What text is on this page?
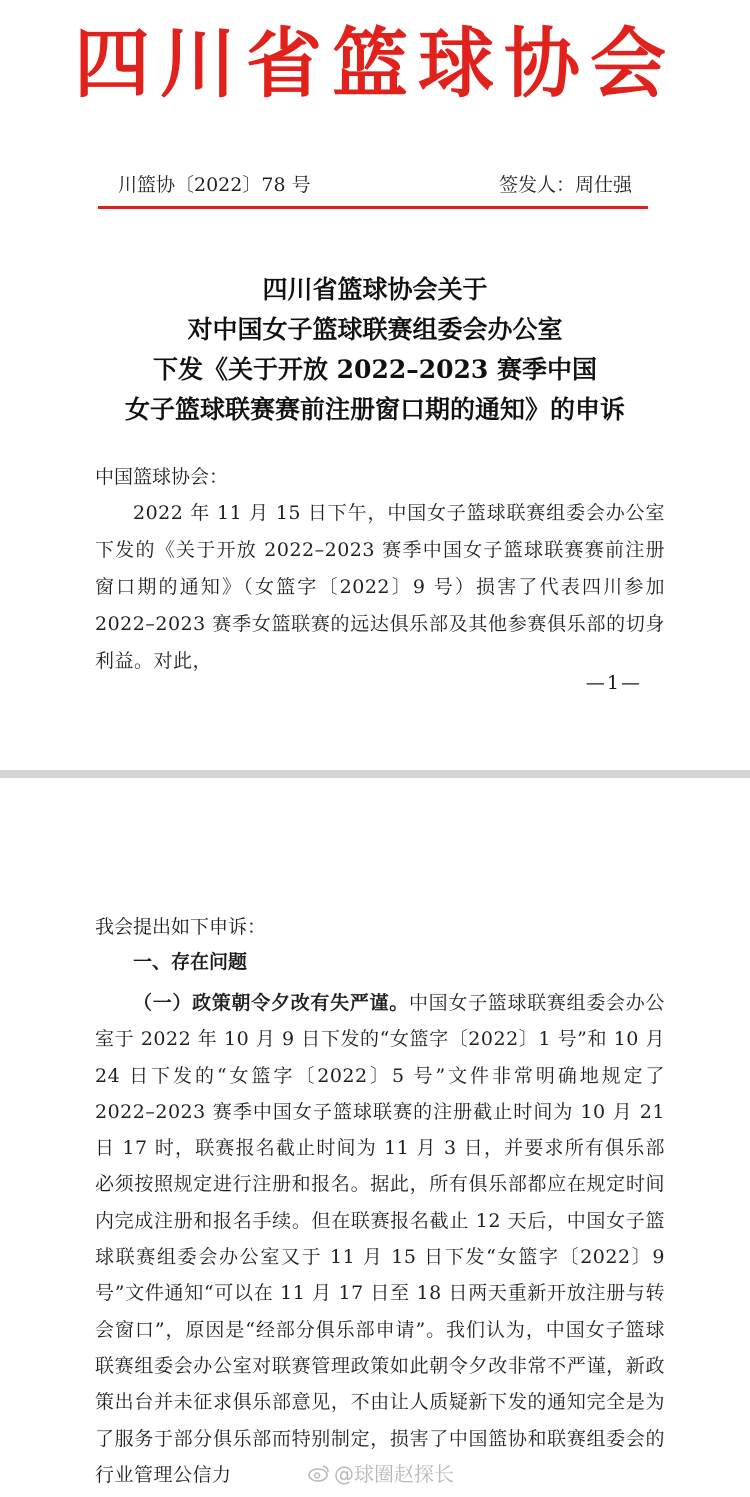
四川省篮球协会
川篮协〔2022〕78 号	签发人：周仕强
四川省篮球协会关于
对中国女子篮球联赛组委会办公室
下发《关于开放 2022–2023 赛季中国
女子篮球联赛赛前注册窗口期的通知》的申诉
中国篮球协会：
2022 年 11 月 15 日下午，中国女子篮球联赛组委会办公室下发的《关于开放 2022–2023 赛季中国女子篮球联赛赛前注册窗口期的通知》（女篮字〔2022〕9 号）损害了代表四川参加 2022–2023 赛季女篮联赛的远达俱乐部及其他参赛俱乐部的切身利益。对此，
—1—
我会提出如下申诉：
一、存在问题
（一）政策朝令夕改有失严谨。中国女子篮球联赛组委会办公室于 2022 年 10 月 9 日下发的“女篮字〔2022〕1 号”和 10 月 24 日下发的“女篮字〔2022〕5 号”文件非常明确地规定了 2022–2023 赛季中国女子篮球联赛的注册截止时间为 10 月 21 日 17 时，联赛报名截止时间为 11 月 3 日，并要求所有俱乐部必须按照规定进行注册和报名。据此，所有俱乐部都应在规定时间内完成注册和报名手续。但在联赛报名截止 12 天后，中国女子篮球联赛组委会办公室又于 11 月 15 日下发“女篮字〔2022〕9 号”文件通知“可以在 11 月 17 日至 18 日两天重新开放注册与转会窗口”，原因是“经部分俱乐部申请”。我们认为，中国女子篮球联赛组委会办公室对联赛管理政策如此朝令夕改非常不严谨，新政策出台并未征求俱乐部意见，不由让人质疑新下发的通知完全是为了服务于部分俱乐部而特别制定，损害了中国篮协和联赛组委会的行业管理公信力	@球圈赵探长
